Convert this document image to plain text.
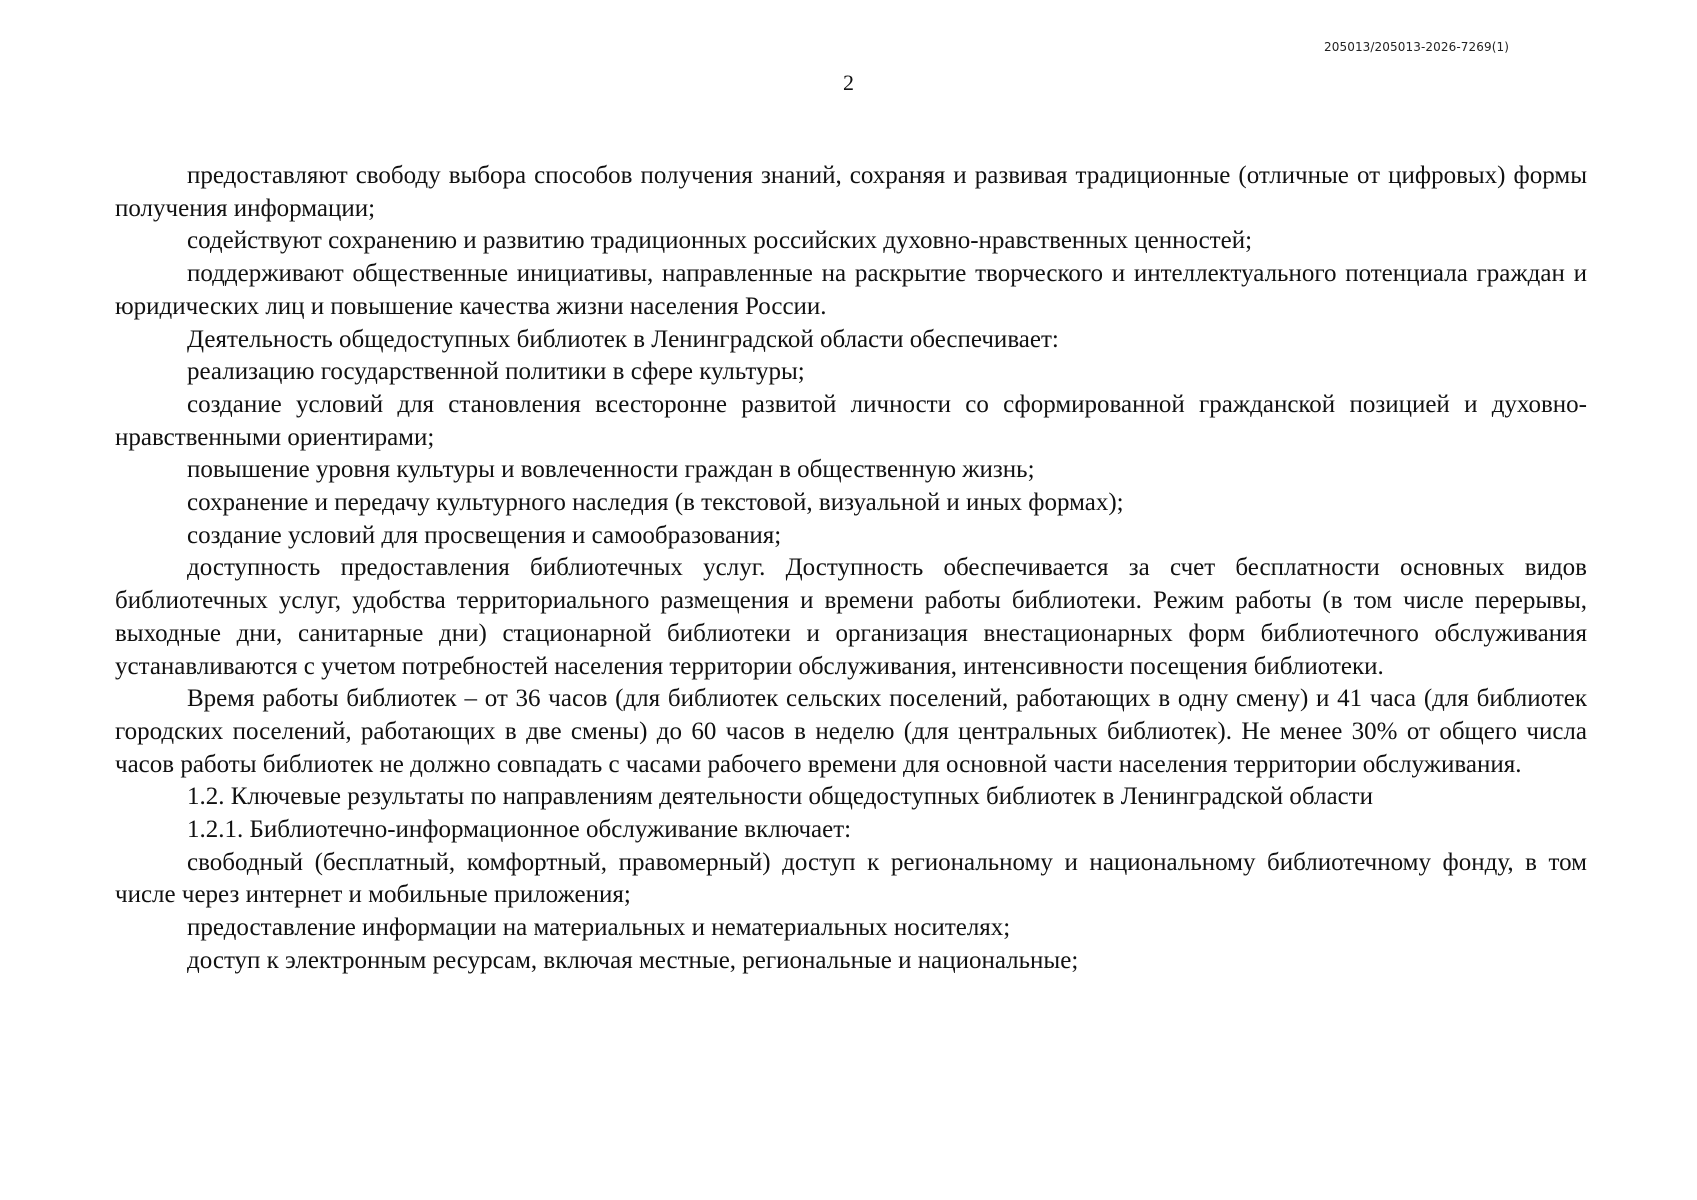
205013/205013-2026-7269(1)
2

предоставляют свободу выбора способов получения знаний, сохраняя и развивая традиционные (отличные от цифровых) формы получения информации;

содействуют сохранению и развитию традиционных российских духовно-нравственных ценностей;

поддерживают общественные инициативы, направленные на раскрытие творческого и интеллектуального потенциала граждан и юридических лиц и повышение качества жизни населения России.

Деятельность общедоступных библиотек в Ленинградской области обеспечивает:

реализацию государственной политики в сфере культуры;

создание условий для становления всесторонне развитой личности со сформированной гражданской позицией и духовно-нравственными ориентирами;

повышение уровня культуры и вовлеченности граждан в общественную жизнь;

сохранение и передачу культурного наследия (в текстовой, визуальной и иных формах);

создание условий для просвещения и самообразования;

доступность предоставления библиотечных услуг. Доступность обеспечивается за счет бесплатности основных видов библиотечных услуг, удобства территориального размещения и времени работы библиотеки. Режим работы (в том числе перерывы, выходные дни, санитарные дни) стационарной библиотеки и организация внестационарных форм библиотечного обслуживания устанавливаются с учетом потребностей населения территории обслуживания, интенсивности посещения библиотеки.

Время работы библиотек – от 36 часов (для библиотек сельских поселений, работающих в одну смену) и 41 часа (для библиотек городских поселений, работающих в две смены) до 60 часов в неделю (для центральных библиотек). Не менее 30% от общего числа часов работы библиотек не должно совпадать с часами рабочего времени для основной части населения территории обслуживания.

1.2. Ключевые результаты по направлениям деятельности общедоступных библиотек в Ленинградской области

1.2.1. Библиотечно-информационное обслуживание включает:

свободный (бесплатный, комфортный, правомерный) доступ к региональному и национальному библиотечному фонду, в том числе через интернет и мобильные приложения;

предоставление информации на материальных и нематериальных носителях;

доступ к электронным ресурсам, включая местные, региональные и национальные;
